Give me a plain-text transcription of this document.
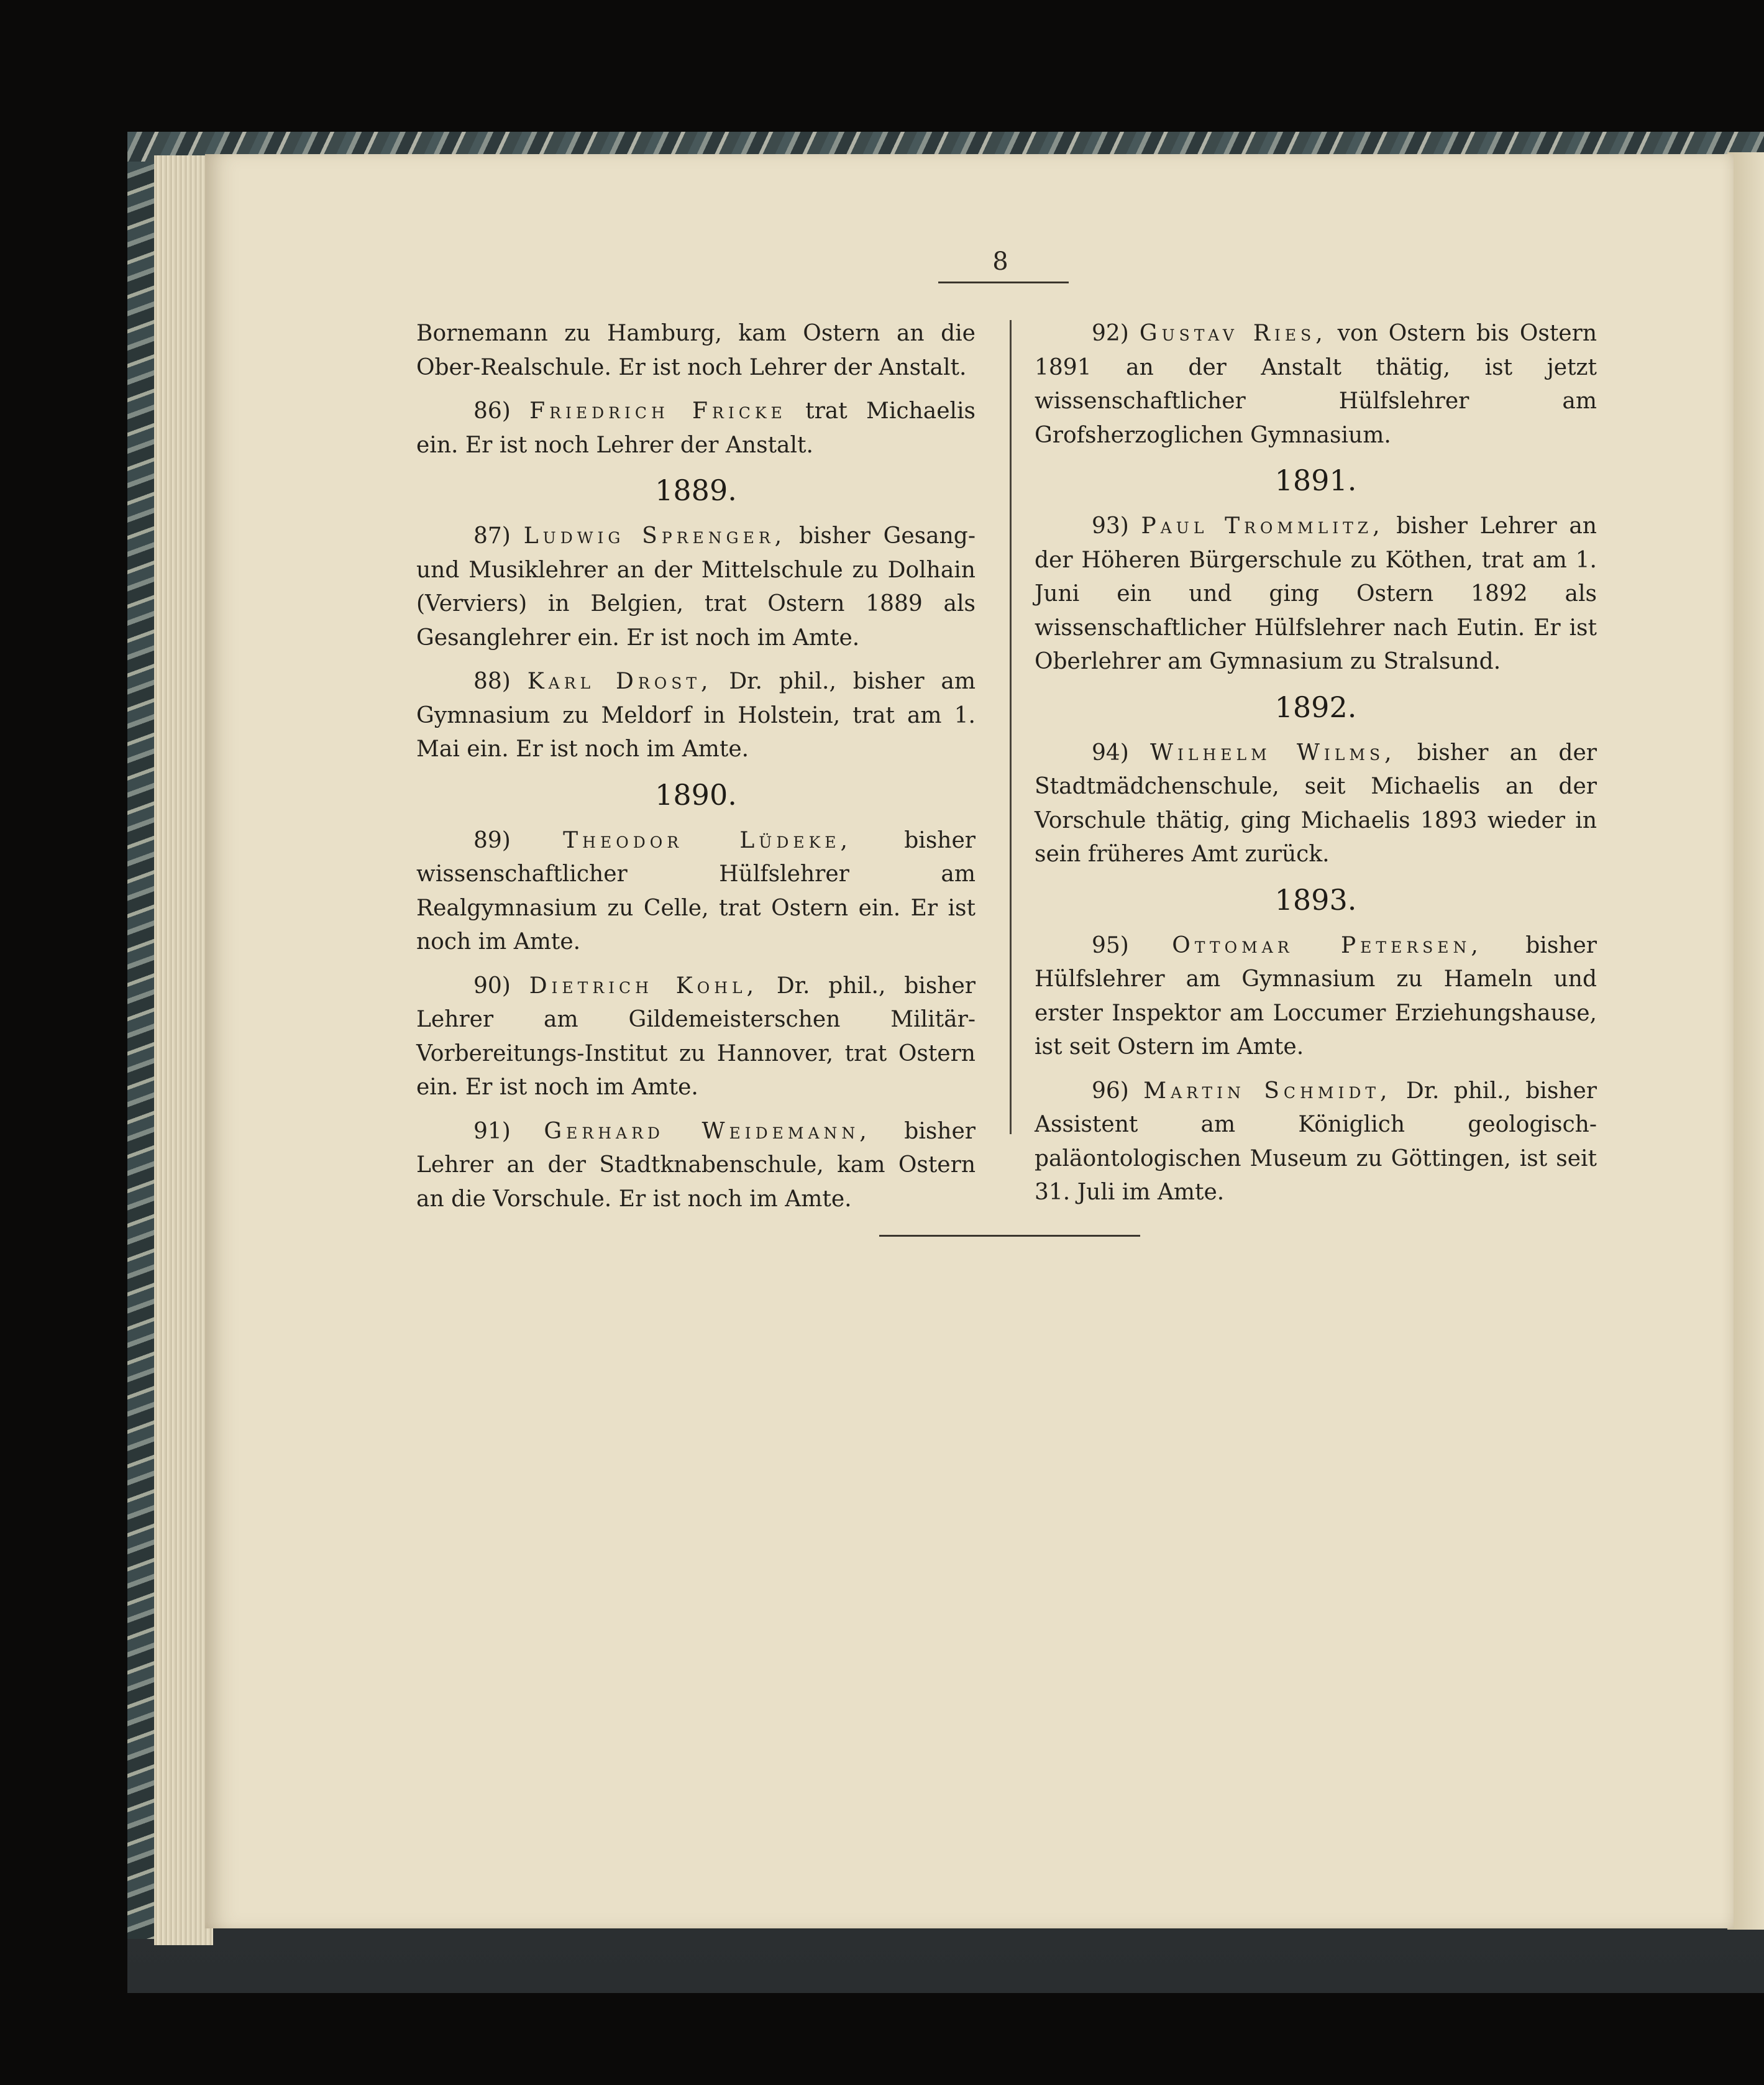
8

Bornemann zu Hamburg, kam Ostern an die Ober-Realschule. Er ist noch Lehrer der Anstalt.

86) Friedrich Fricke trat Michaelis ein. Er ist noch Lehrer der Anstalt.

1889.

87) Ludwig Sprenger, bisher Gesang- und Musiklehrer an der Mittelschule zu Dolhain (Verviers) in Belgien, trat Ostern 1889 als Gesanglehrer ein. Er ist noch im Amte.

88) Karl Drost, Dr. phil., bisher am Gymnasium zu Meldorf in Holstein, trat am 1. Mai ein. Er ist noch im Amte.

1890.

89) Theodor Lüdeke, bisher wissenschaftlicher Hülfslehrer am Realgymnasium zu Celle, trat Ostern ein. Er ist noch im Amte.

90) Dietrich Kohl, Dr. phil., bisher Lehrer am Gildemeisterschen Militär-Vorbereitungs-Institut zu Hannover, trat Ostern ein. Er ist noch im Amte.

91) Gerhard Weidemann, bisher Lehrer an der Stadtknabenschule, kam Ostern an die Vorschule. Er ist noch im Amte.

92) Gustav Ries, von Ostern bis Ostern 1891 an der Anstalt thätig, ist jetzt wissenschaftlicher Hülfslehrer am Grofsherzoglichen Gymnasium.

1891.

93) Paul Trommlitz, bisher Lehrer an der Höheren Bürgerschule zu Köthen, trat am 1. Juni ein und ging Ostern 1892 als wissenschaftlicher Hülfslehrer nach Eutin. Er ist Oberlehrer am Gymnasium zu Stralsund.

1892.

94) Wilhelm Wilms, bisher an der Stadtmädchenschule, seit Michaelis an der Vorschule thätig, ging Michaelis 1893 wieder in sein früheres Amt zurück.

1893.

95) Ottomar Petersen, bisher Hülfslehrer am Gymnasium zu Hameln und erster Inspektor am Loccumer Erziehungshause, ist seit Ostern im Amte.

96) Martin Schmidt, Dr. phil., bisher Assistent am Königlich geologisch-paläontologischen Museum zu Göttingen, ist seit 31. Juli im Amte.
